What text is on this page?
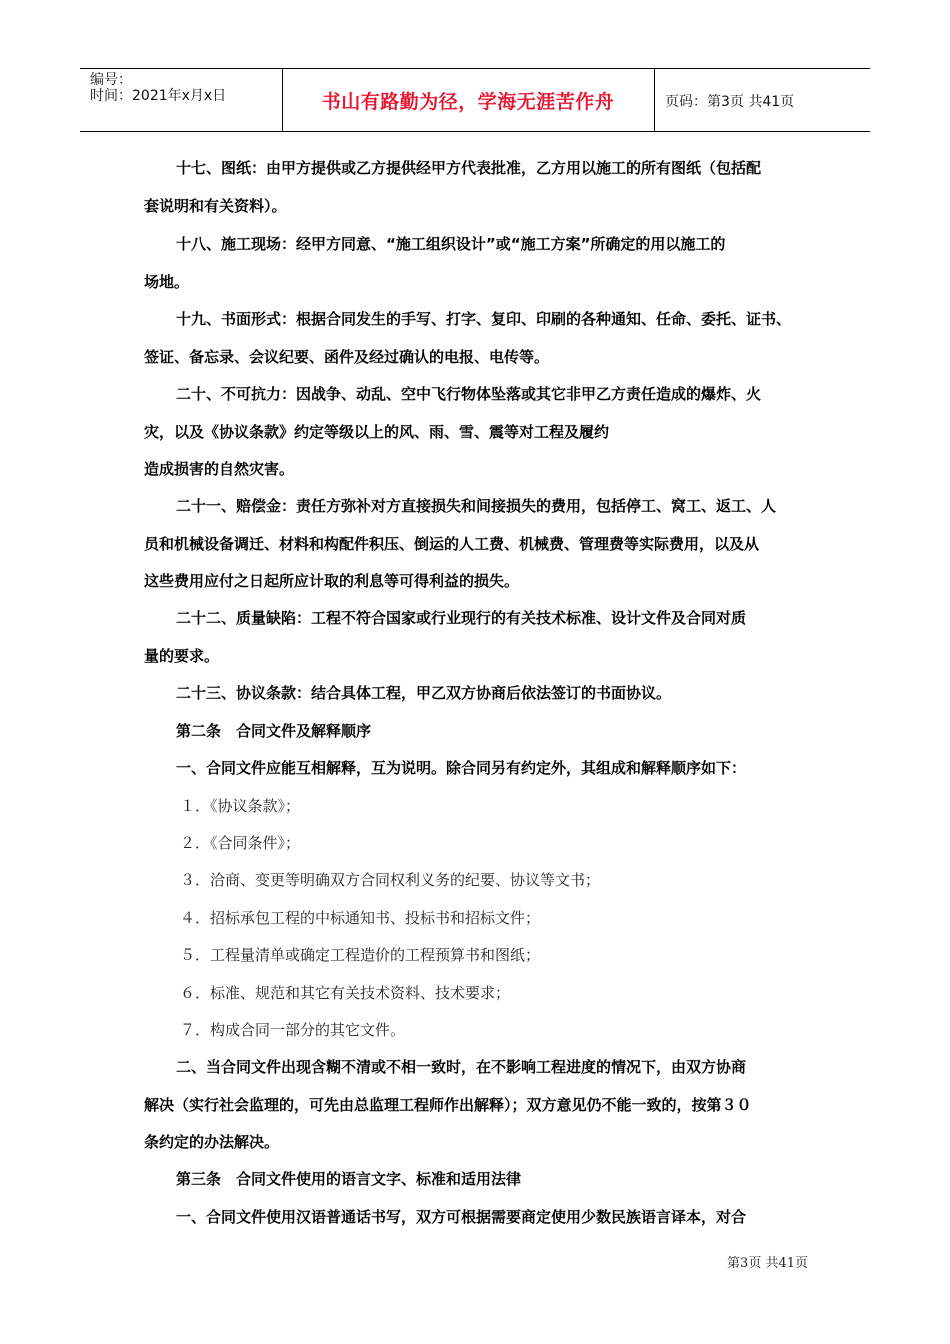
编号：
时间：2021年x月x日	书山有路勤为径，学海无涯苦作舟	页码：第3页 共41页
十七、图纸：由甲方提供或乙方提供经甲方代表批准，乙方用以施工的所有图纸（包括配
套说明和有关资料）。
十八、施工现场：经甲方同意、“施工组织设计”或“施工方案”所确定的用以施工的
场地。
十九、书面形式：根据合同发生的手写、打字、复印、印刷的各种通知、任命、委托、证书、
签证、备忘录、会议纪要、函件及经过确认的电报、电传等。
二十、不可抗力：因战争、动乱、空中飞行物体坠落或其它非甲乙方责任造成的爆炸、火
灾，以及《协议条款》约定等级以上的风、雨、雪、震等对工程及履约
造成损害的自然灾害。
二十一、赔偿金：责任方弥补对方直接损失和间接损失的费用，包括停工、窝工、返工、人
员和机械设备调迁、材料和构配件积压、倒运的人工费、机械费、管理费等实际费用，以及从
这些费用应付之日起所应计取的利息等可得利益的损失。
二十二、质量缺陷：工程不符合国家或行业现行的有关技术标准、设计文件及合同对质
量的要求。
二十三、协议条款：结合具体工程，甲乙双方协商后依法签订的书面协议。
第二条　合同文件及解释顺序
一、合同文件应能互相解释，互为说明。除合同另有约定外，其组成和解释顺序如下：
１．《协议条款》；
２．《合同条件》；
３．洽商、变更等明确双方合同权利义务的纪要、协议等文书；
４．招标承包工程的中标通知书、投标书和招标文件；
５．工程量清单或确定工程造价的工程预算书和图纸；
６．标准、规范和其它有关技术资料、技术要求；
７．构成合同一部分的其它文件。
二、当合同文件出现含糊不清或不相一致时，在不影响工程进度的情况下，由双方协商
解决（实行社会监理的，可先由总监理工程师作出解释）；双方意见仍不能一致的，按第３０
条约定的办法解决。
第三条　合同文件使用的语言文字、标准和适用法律
一、合同文件使用汉语普通话书写，双方可根据需要商定使用少数民族语言译本，对合
第3页 共41页
